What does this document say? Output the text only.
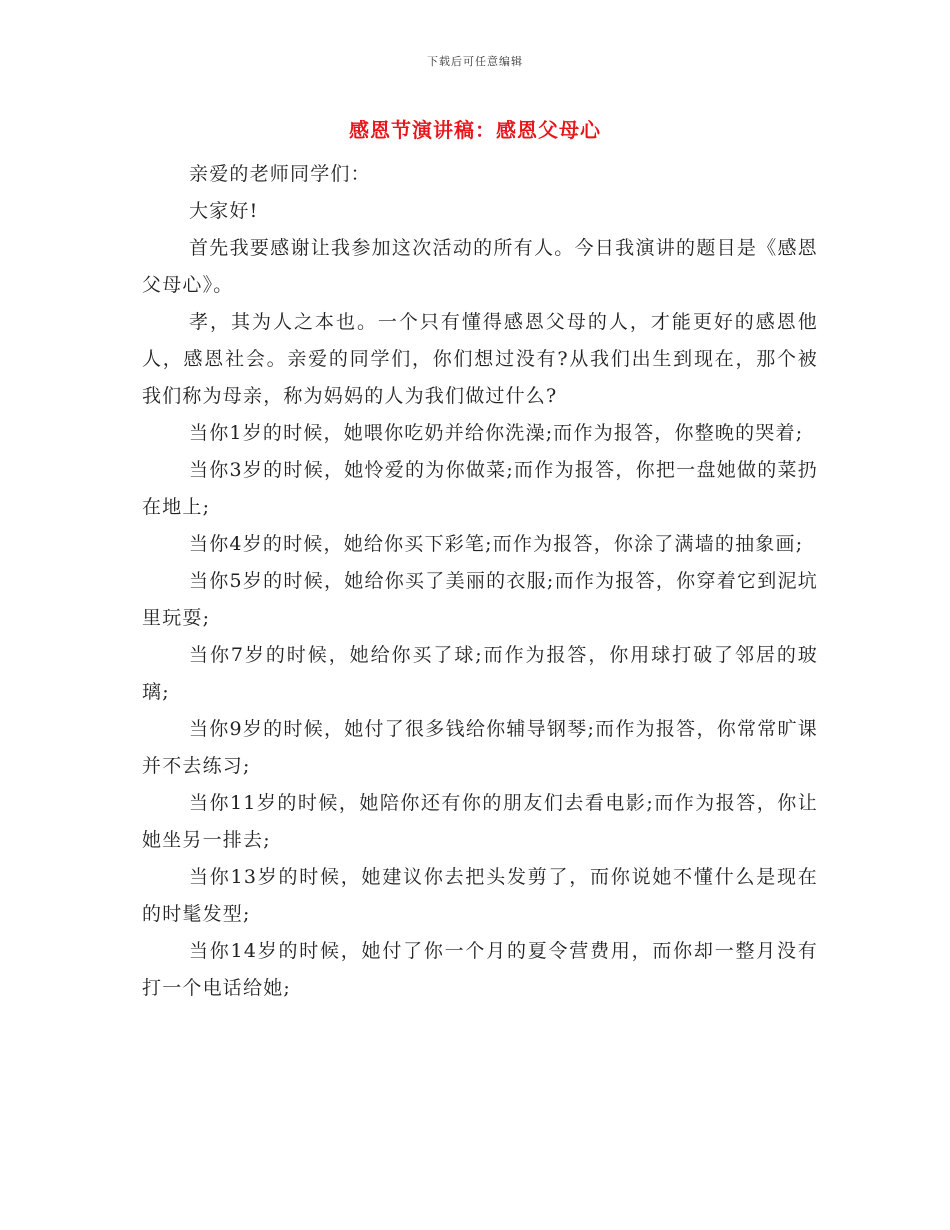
下载后可任意编辑
感恩节演讲稿：感恩父母心

亲爱的老师同学们：

大家好!

首先我要感谢让我参加这次活动的所有人。今日我演讲的题目是《感恩父母心》。

孝，其为人之本也。一个只有懂得感恩父母的人，才能更好的感恩他人，感恩社会。亲爱的同学们，你们想过没有?从我们出生到现在，那个被我们称为母亲，称为妈妈的人为我们做过什么?

当你1岁的时候，她喂你吃奶并给你洗澡;而作为报答，你整晚的哭着;

当你3岁的时候，她怜爱的为你做菜;而作为报答，你把一盘她做的菜扔在地上;

当你4岁的时候，她给你买下彩笔;而作为报答，你涂了满墙的抽象画;

当你5岁的时候，她给你买了美丽的衣服;而作为报答，你穿着它到泥坑里玩耍;

当你7岁的时候，她给你买了球;而作为报答，你用球打破了邻居的玻璃;

当你9岁的时候，她付了很多钱给你辅导钢琴;而作为报答，你常常旷课并不去练习;

当你11岁的时候，她陪你还有你的朋友们去看电影;而作为报答，你让她坐另一排去;

当你13岁的时候，她建议你去把头发剪了，而你说她不懂什么是现在的时髦发型;

当你14岁的时候，她付了你一个月的夏令营费用，而你却一整月没有打一个电话给她;
